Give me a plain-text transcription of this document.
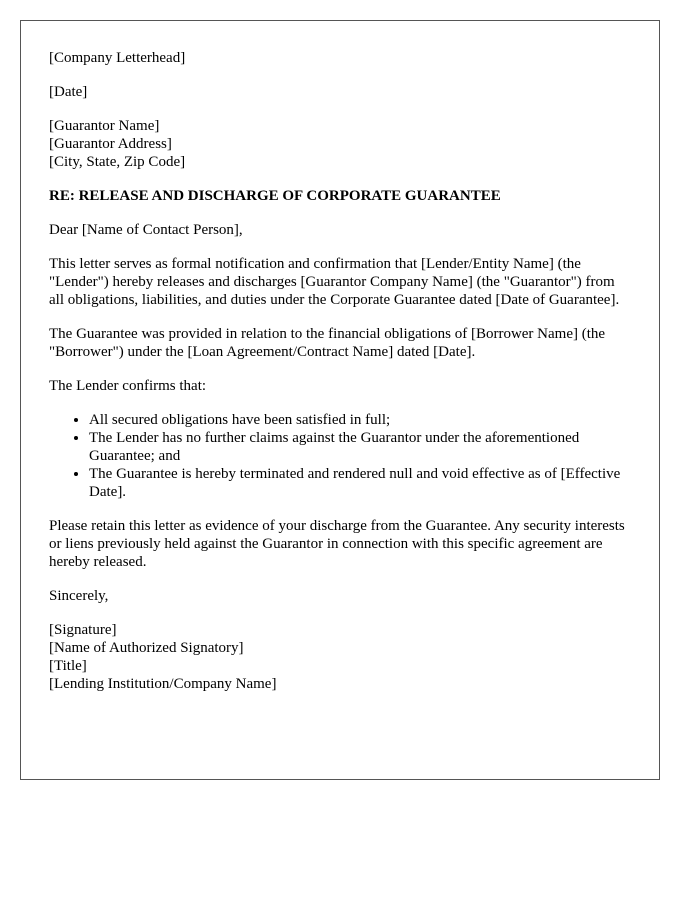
[Company Letterhead]

[Date]

[Guarantor Name]
[Guarantor Address]
[City, State, Zip Code]

RE: RELEASE AND DISCHARGE OF CORPORATE GUARANTEE

Dear [Name of Contact Person],

This letter serves as formal notification and confirmation that [Lender/Entity Name] (the "Lender") hereby releases and discharges [Guarantor Company Name] (the "Guarantor") from all obligations, liabilities, and duties under the Corporate Guarantee dated [Date of Guarantee].

The Guarantee was provided in relation to the financial obligations of [Borrower Name] (the "Borrower") under the [Loan Agreement/Contract Name] dated [Date].

The Lender confirms that:

• All secured obligations have been satisfied in full;
• The Lender has no further claims against the Guarantor under the aforementioned Guarantee; and
• The Guarantee is hereby terminated and rendered null and void effective as of [Effective Date].

Please retain this letter as evidence of your discharge from the Guarantee. Any security interests or liens previously held against the Guarantor in connection with this specific agreement are hereby released.

Sincerely,

[Signature]
[Name of Authorized Signatory]
[Title]
[Lending Institution/Company Name]
